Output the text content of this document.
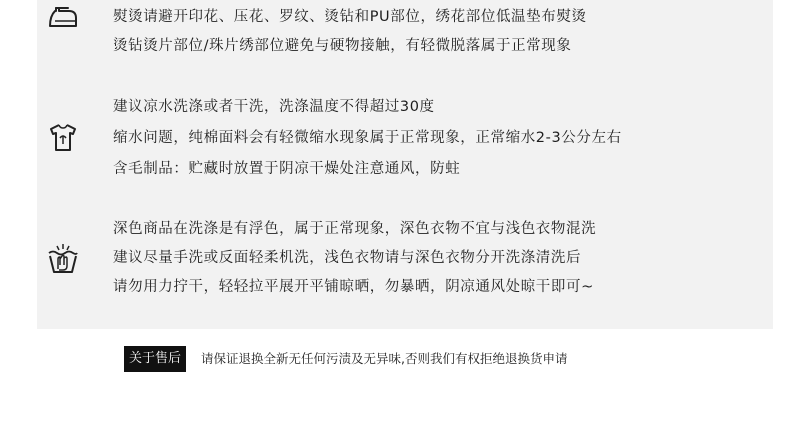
熨烫请避开印花、压花、罗纹、烫钻和PU部位，绣花部位低温垫布熨烫
烫钻烫片部位/珠片绣部位避免与硬物接触，有轻微脱落属于正常现象
建议凉水洗涤或者干洗，洗涤温度不得超过30度
缩水问题，纯棉面料会有轻微缩水现象属于正常现象，正常缩水2-3公分左右
含毛制品：贮藏时放置于阴凉干燥处注意通风，防蛀
深色商品在洗涤是有浮色，属于正常现象，深色衣物不宜与浅色衣物混洗
建议尽量手洗或反面轻柔机洗，浅色衣物请与深色衣物分开洗涤清洗后
请勿用力拧干，轻轻拉平展开平铺晾晒，勿暴晒，阴凉通风处晾干即可~
关于售后	请保证退换全新无任何污渍及无异味,否则我们有权拒绝退换货申请
